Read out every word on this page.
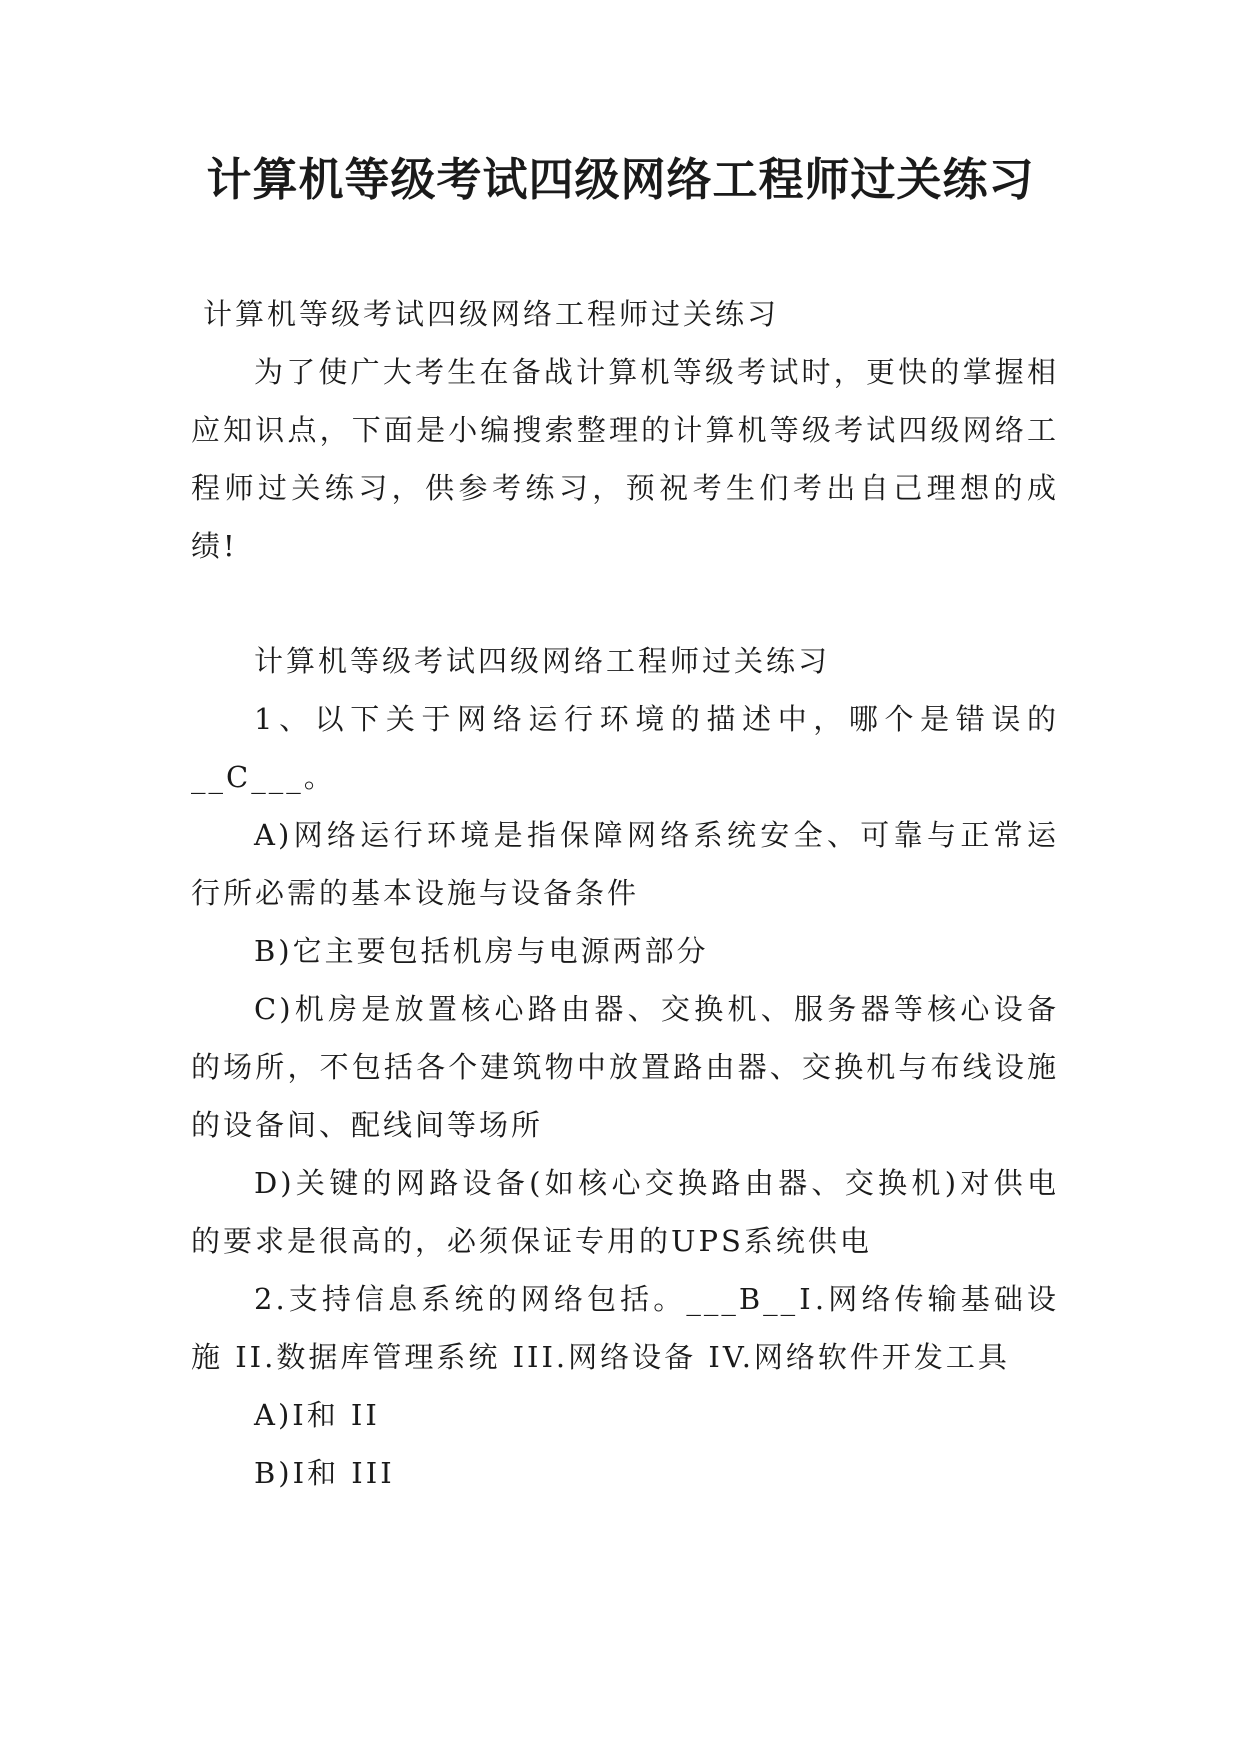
计算机等级考试四级网络工程师过关练习

计算机等级考试四级网络工程师过关练习

为了使广大考生在备战计算机等级考试时，更快的掌握相应知识点，下面是小编搜索整理的计算机等级考试四级网络工程师过关练习，供参考练习，预祝考生们考出自己理想的成绩!

计算机等级考试四级网络工程师过关练习

1、以下关于网络运行环境的描述中，哪个是错误的__C___。

A)网络运行环境是指保障网络系统安全、可靠与正常运行所必需的基本设施与设备条件

B)它主要包括机房与电源两部分

C)机房是放置核心路由器、交换机、服务器等核心设备的场所，不包括各个建筑物中放置路由器、交换机与布线设施的设备间、配线间等场所

D)关键的网路设备(如核心交换路由器、交换机)对供电的要求是很高的，必须保证专用的UPS系统供电

2.支持信息系统的网络包括。___B__Ⅰ.网络传输基础设施 II.数据库管理系统 III.网络设备 IV.网络软件开发工具

A)Ⅰ和 II

B)Ⅰ和 III
